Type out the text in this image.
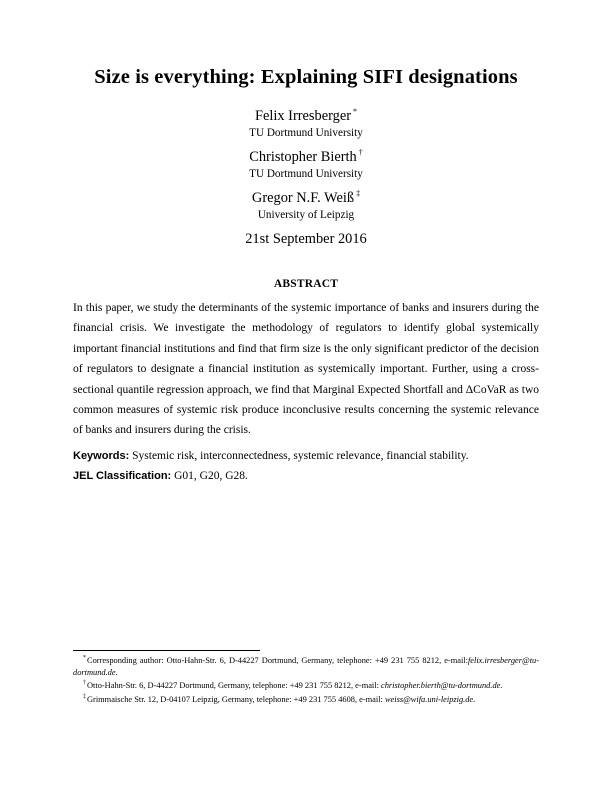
Size is everything: Explaining SIFI designations
Felix Irresberger *
TU Dortmund University
Christopher Bierth †
TU Dortmund University
Gregor N.F. Weiß ‡
University of Leipzig
21st September 2016
ABSTRACT
In this paper, we study the determinants of the systemic importance of banks and insurers during the financial crisis. We investigate the methodology of regulators to identify global systemically important financial institutions and find that firm size is the only significant predictor of the decision of regulators to designate a financial institution as systemically important. Further, using a cross-sectional quantile regression approach, we find that Marginal Expected Shortfall and ΔCoVaR as two common measures of systemic risk produce inconclusive results concerning the systemic relevance of banks and insurers during the crisis.
Keywords: Systemic risk, interconnectedness, systemic relevance, financial stability.
JEL Classification: G01, G20, G28.

*Corresponding author: Otto-Hahn-Str. 6, D-44227 Dortmund, Germany, telephone: +49 231 755 8212, e-mail:felix.irresberger@tu-dortmund.de.

†Otto-Hahn-Str. 6, D-44227 Dortmund, Germany, telephone: +49 231 755 8212, e-mail: christopher.bierth@tu-dortmund.de.

‡Grimmaische Str. 12, D-04107 Leipzig, Germany, telephone: +49 231 755 4608, e-mail: weiss@wifa.uni-leipzig.de.
